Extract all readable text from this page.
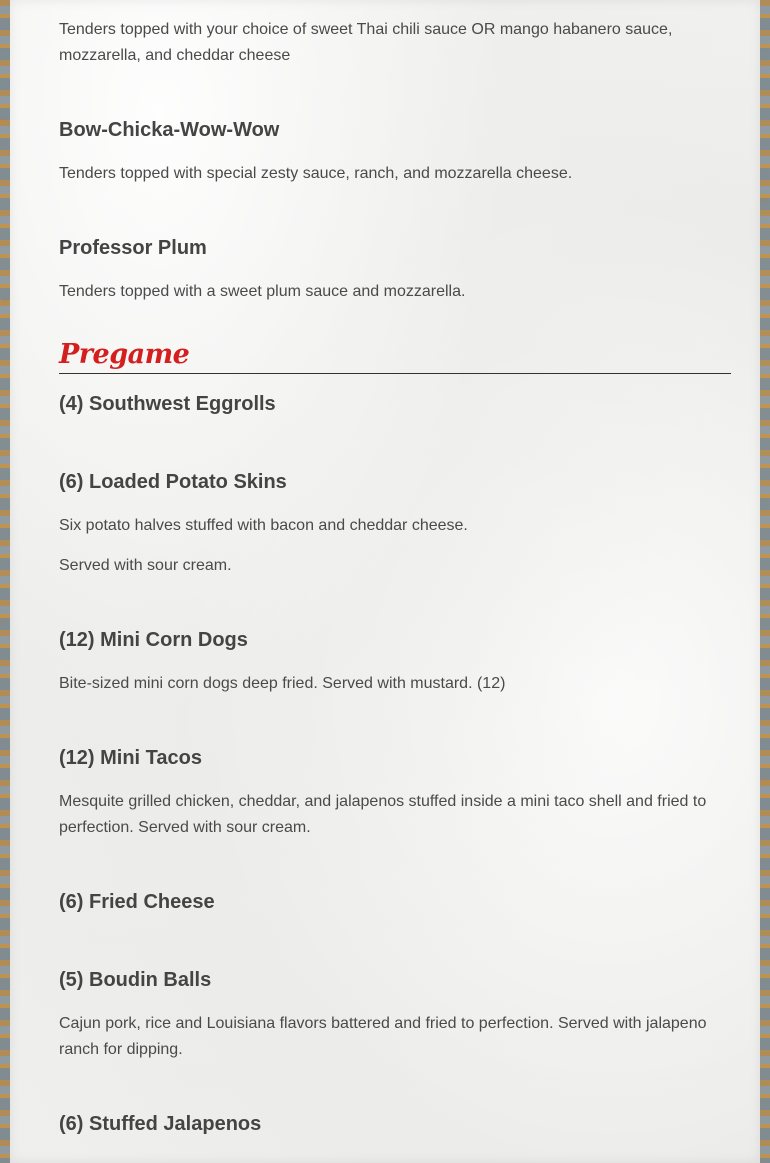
Tenders topped with your choice of sweet Thai chili sauce OR mango habanero sauce, mozzarella, and cheddar cheese

Bow-Chicka-Wow-Wow

Tenders topped with special zesty sauce, ranch, and mozzarella cheese.

Professor Plum

Tenders topped with a sweet plum sauce and mozzarella.

Pregame
(4) Southwest Eggrolls
(6) Loaded Potato Skins

Six potato halves stuffed with bacon and cheddar cheese.

Served with sour cream.

(12) Mini Corn Dogs

Bite-sized mini corn dogs deep fried. Served with mustard. (12)

(12) Mini Tacos

Mesquite grilled chicken, cheddar, and jalapenos stuffed inside a mini taco shell and fried to perfection. Served with sour cream.

(6) Fried Cheese
(5) Boudin Balls

Cajun pork, rice and Louisiana flavors battered and fried to perfection. Served with jalapeno ranch for dipping.

(6) Stuffed Jalapenos
